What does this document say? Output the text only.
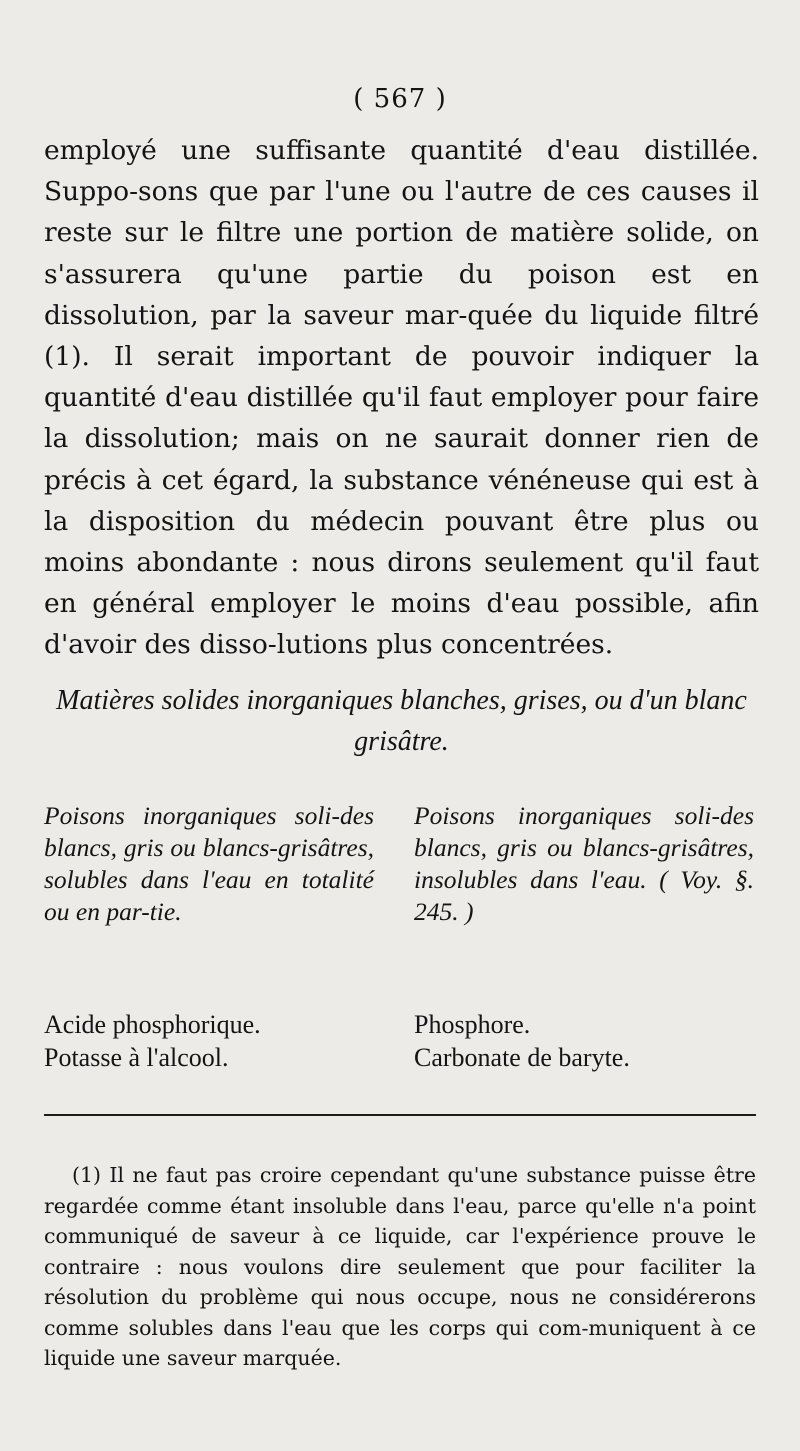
( 567 )

employé une suffisante quantité d'eau distillée. Suppo-sons que par l'une ou l'autre de ces causes il reste sur le filtre une portion de matière solide, on s'assurera qu'une partie du poison est en dissolution, par la saveur mar-quée du liquide filtré (1). Il serait important de pouvoir indiquer la quantité d'eau distillée qu'il faut employer pour faire la dissolution; mais on ne saurait donner rien de précis à cet égard, la substance vénéneuse qui est à la disposition du médecin pouvant être plus ou moins abondante : nous dirons seulement qu'il faut en général employer le moins d'eau possible, afin d'avoir des disso-lutions plus concentrées.

Matières solides inorganiques blanches, grises, ou d'un blanc grisâtre.
Poisons inorganiques soli-des blancs, gris ou blancs-grisâtres, solubles dans l'eau en totalité ou en par-tie.
Poisons inorganiques soli-des blancs, gris ou blancs-grisâtres, insolubles dans l'eau. ( Voy. §. 245. )
Acide phosphorique.
Potasse à l'alcool.
Phosphore.
Carbonate de baryte.

(1) Il ne faut pas croire cependant qu'une substance puisse être regardée comme étant insoluble dans l'eau, parce qu'elle n'a point communiqué de saveur à ce liquide, car l'expérience prouve le contraire : nous voulons dire seulement que pour faciliter la résolution du problème qui nous occupe, nous ne considérerons comme solubles dans l'eau que les corps qui com-muniquent à ce liquide une saveur marquée.
